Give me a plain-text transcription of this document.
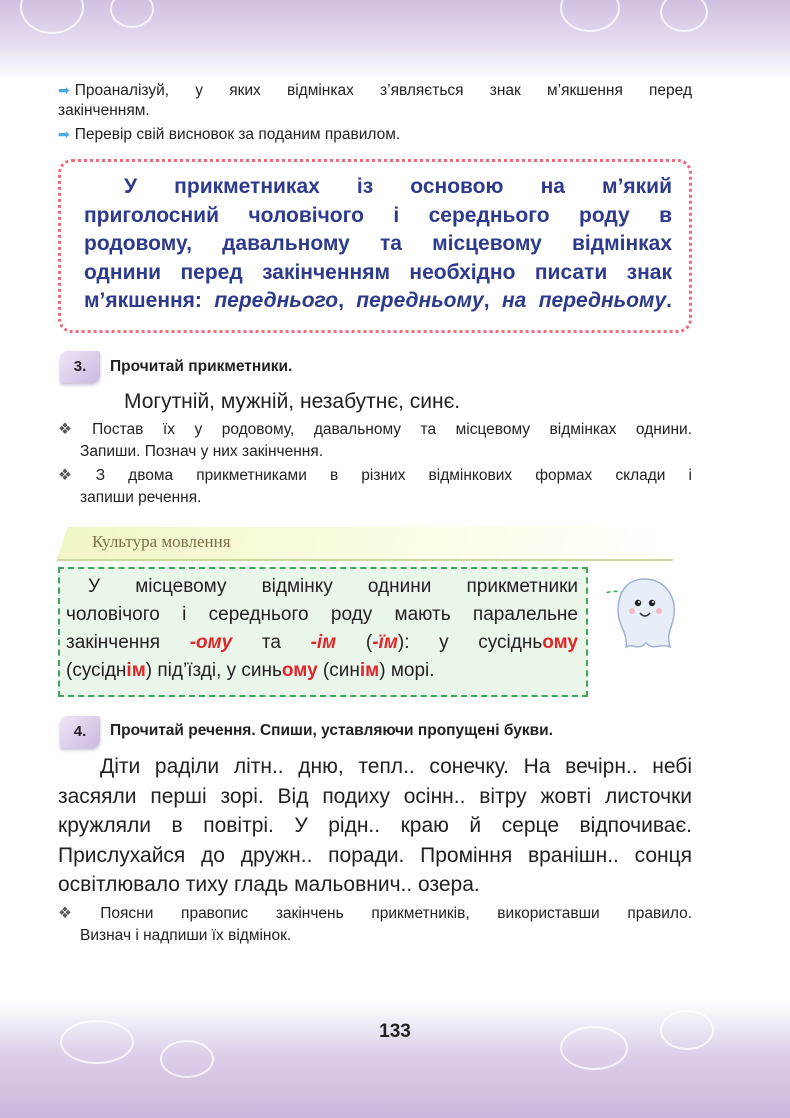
➡ Проаналізуй, у яких відмінках з’являється знак м’якшення перед
закінченням.
➡ Перевір свій висновок за поданим правилом.
У прикметниках із основою на м’який
приголосний чоловічого і середнього роду в
родовому, давальному та місцевому відмінках
однини перед закінченням необхідно писати знак
м’якшення: переднього, передньому, на передньому.
3.	Прочитай прикметники.
Могутній, мужній, незабутнє, синє.
❖ Постав їх у родовому, давальному та місцевому відмінках однини.
Запиши. Познач у них закінчення.
❖ З двома прикметниками в різних відмінкових формах склади і
запиши речення.
Культура мовлення
У місцевому відмінку однини прикметники
чоловічого і середнього роду мають паралельне
закінчення -ому та -ім (-їм): у сусідньому
(сусіднім) під’їзді, у синьому (синім) морі.
4.	Прочитай речення. Спиши, уставляючи пропущені букви.
Діти раділи літн.. дню, тепл.. сонечку. На вечірн.. небі засяяли перші зорі. Від подиху осінн.. вітру жовті листочки кружляли в повітрі. У рідн.. краю й серце відпочиває. Прислухайся до дружн.. поради. Проміння вранішн.. сонця освітлювало тиху гладь мальовнич.. озера.
❖ Поясни правопис закінчень прикметників, використавши правило.
Визнач і надпиши їх відмінок.
133
